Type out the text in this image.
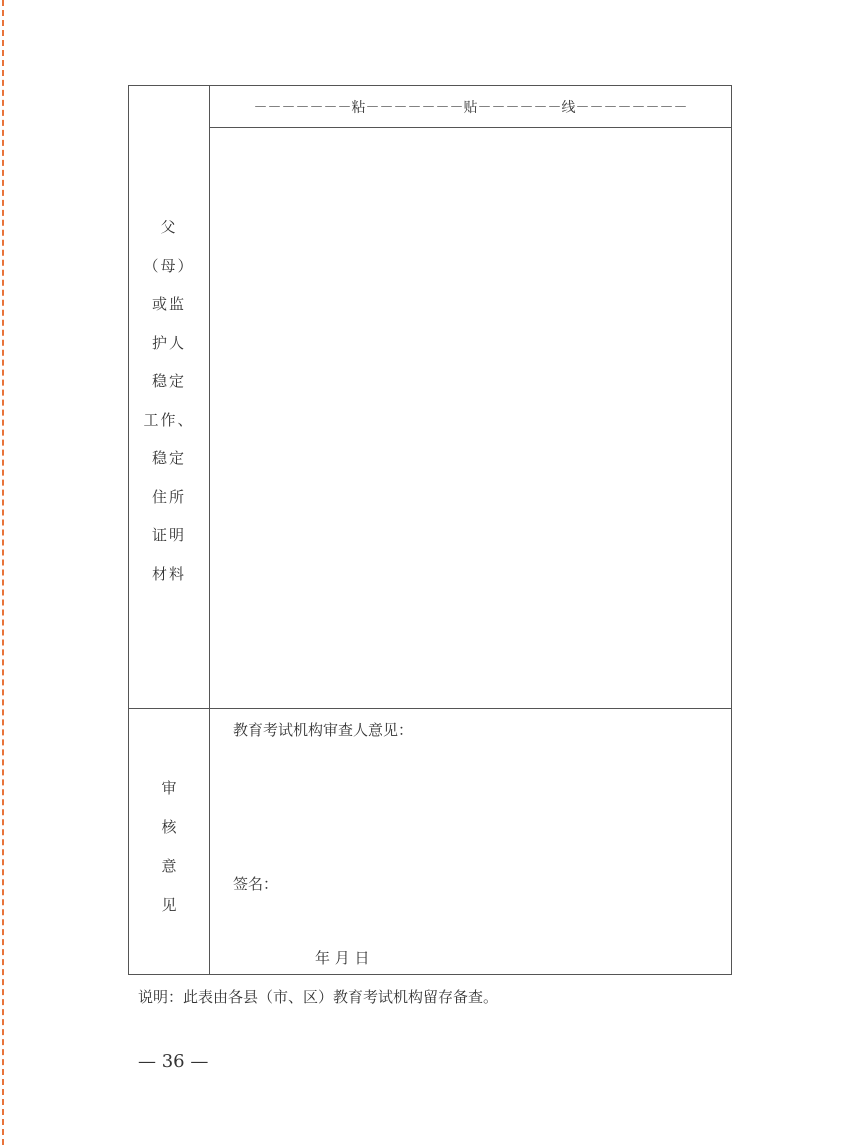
－－－－－－－粘－－－－－－－贴－－－－－－线－－－－－－－－
父
（母）
或监
护人
稳定
工作、
稳定
住所
证明
材料
审
核
意
见
教育考试机构审查人意见：
签名：
年 月 日
说明：此表由各县（市、区）教育考试机构留存备查。
— 36 —
